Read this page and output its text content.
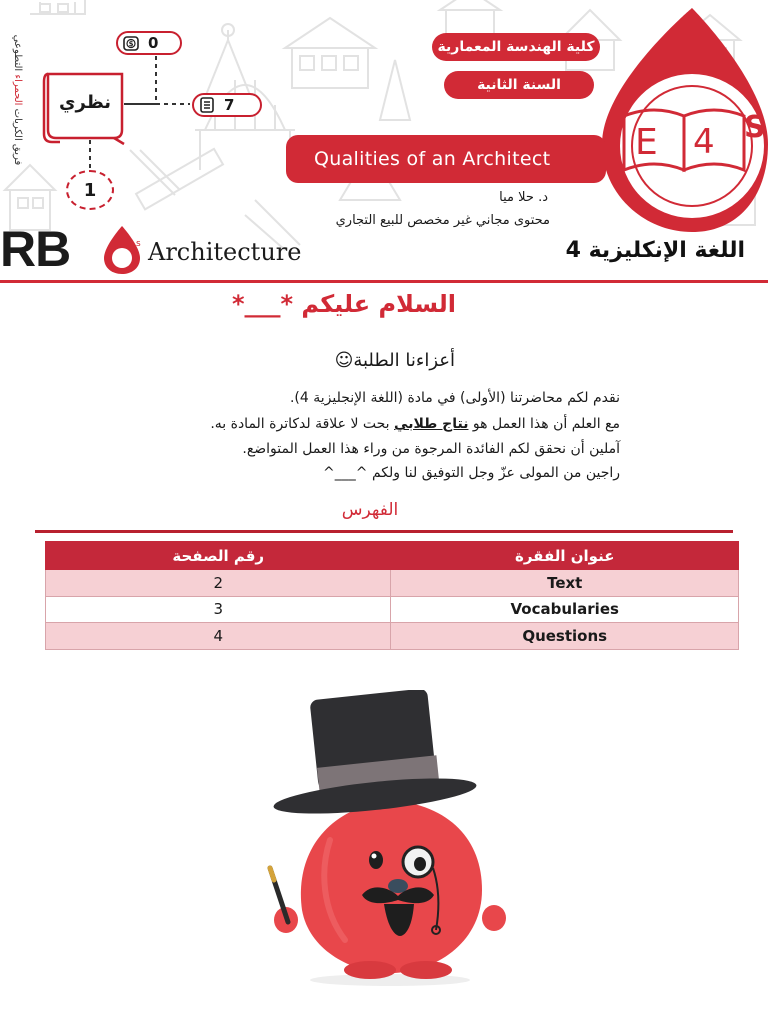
فريق الكريات الحمراء التطوعي	$ 0
7
نظري
1
E 4 S
كلية الهندسة المعمارية
السنة الثانية
Qualities of an Architect
د. حلا ميا
محتوى مجاني غير مخصص للبيع التجاري
اللغة الإنكليزية 4
RB	s Architecture
السلام عليكم *___*
أعزاءنا الطلبة☺
نقدم لكم محاضرتنا (الأولى) في مادة (اللغة الإنجليزية 4).
مع العلم أن هذا العمل هو نتاج طلابي بحت لا علاقة لدكاترة المادة به.
آملين أن نحقق لكم الفائدة المرجوة من وراء هذا العمل المتواضع.
راجين من المولى عزّ وجل التوفيق لنا ولكم ^___^
الفهرس
رقم الصفحة	عنوان الفقرة
2	Text
3	Vocabularies
4	Questions
